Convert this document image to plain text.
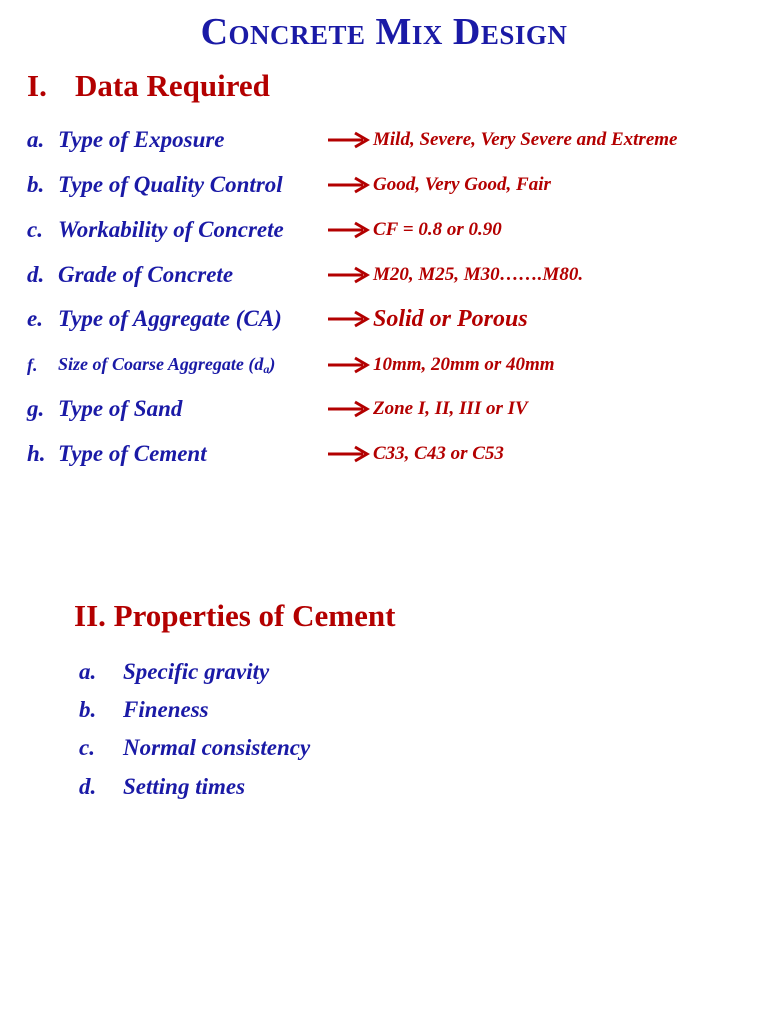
Concrete Mix Design
I. Data Required
a. Type of Exposure	Mild, Severe, Very Severe and Extreme
b. Type of Quality Control	Good, Very Good, Fair
c. Workability of Concrete	CF = 0.8 or 0.90
d. Grade of Concrete	M20, M25, M30…….M80.
e. Type of Aggregate (CA)	Solid or Porous
f.	Size of Coarse Aggregate $(d_a)$	10mm, 20mm or 40mm
g. Type of Sand	Zone I, II, III or IV
h. Type of Cement	C33, C43 or C53
II. Properties of Cement
a.	Specific gravity
b.	Fineness
c.	Normal consistency
d.	Setting times
